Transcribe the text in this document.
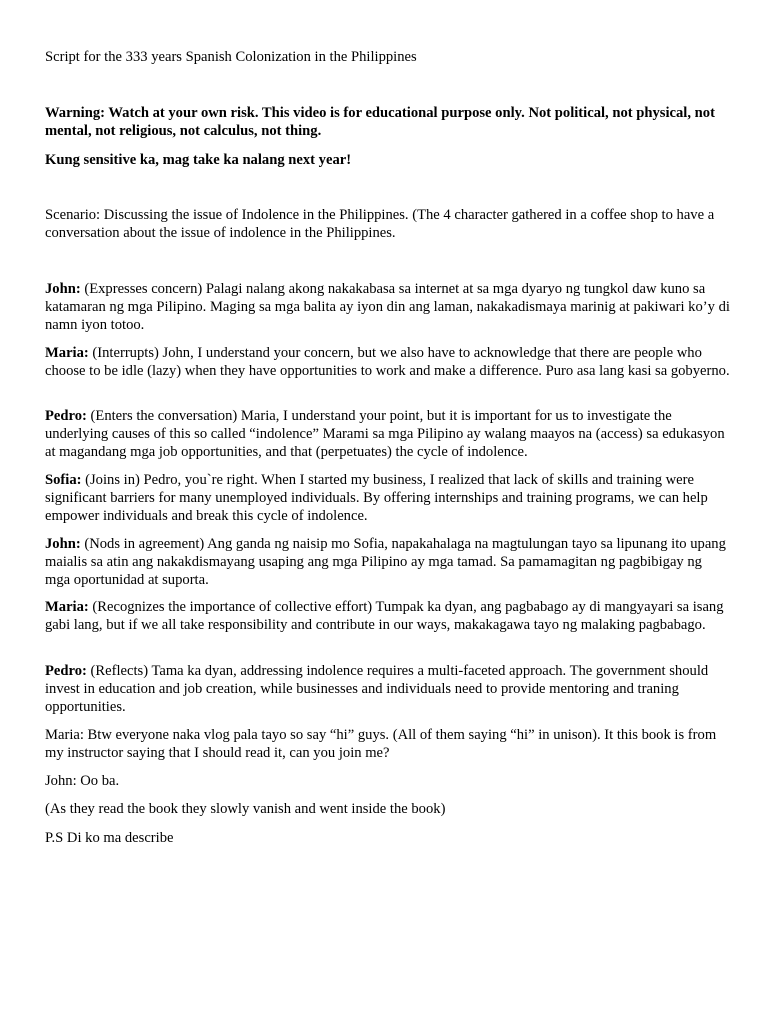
Script for the 333 years Spanish Colonization in the Philippines

Warning: Watch at your own risk. This video is for educational purpose only. Not political, not physical, not mental, not religious, not calculus, not thing.

Kung sensitive ka, mag take ka nalang next year!

Scenario: Discussing the issue of Indolence in the Philippines. (The 4 character gathered in a coffee shop to have a conversation about the issue of indolence in the Philippines.

John: (Expresses concern) Palagi nalang akong nakakabasa sa internet at sa mga dyaryo ng tungkol daw kuno sa katamaran ng mga Pilipino. Maging sa mga balita ay iyon din ang laman, nakakadismaya marinig at pakiwari ko’y di namn iyon totoo.

Maria: (Interrupts) John, I understand your concern, but we also have to acknowledge that there are people who choose to be idle (lazy) when they have opportunities to work and make a difference. Puro asa lang kasi sa gobyerno.

Pedro: (Enters the conversation) Maria, I understand your point, but it is important for us to investigate the underlying causes of this so called “indolence” Marami sa mga Pilipino ay walang maayos na (access) sa edukasyon at magandang mga job opportunities, and that (perpetuates) the cycle of indolence.

Sofia: (Joins in) Pedro, you`re right. When I started my business, I realized that lack of skills and training were significant barriers for many unemployed individuals. By offering internships and training programs, we can help empower individuals and break this cycle of indolence.

John: (Nods in agreement) Ang ganda ng naisip mo Sofia, napakahalaga na magtulungan tayo sa lipunang ito upang maialis sa atin ang nakakdismayang usaping ang mga Pilipino ay mga tamad. Sa pamamagitan ng pagbibigay ng mga oportunidad at suporta.

Maria: (Recognizes the importance of collective effort) Tumpak ka dyan, ang pagbabago ay di mangyayari sa isang gabi lang, but if we all take responsibility and contribute in our ways, makakagawa tayo ng malaking pagbabago.

Pedro: (Reflects) Tama ka dyan, addressing indolence requires a multi-faceted approach. The government should invest in education and job creation, while businesses and individuals need to provide mentoring and traning opportunities.

Maria: Btw everyone naka vlog pala tayo so say “hi” guys. (All of them saying “hi” in unison). It this book is from my instructor saying that I should read it, can you join me?

John: Oo ba.

(As they read the book they slowly vanish and went inside the book)

P.S Di ko ma describe
